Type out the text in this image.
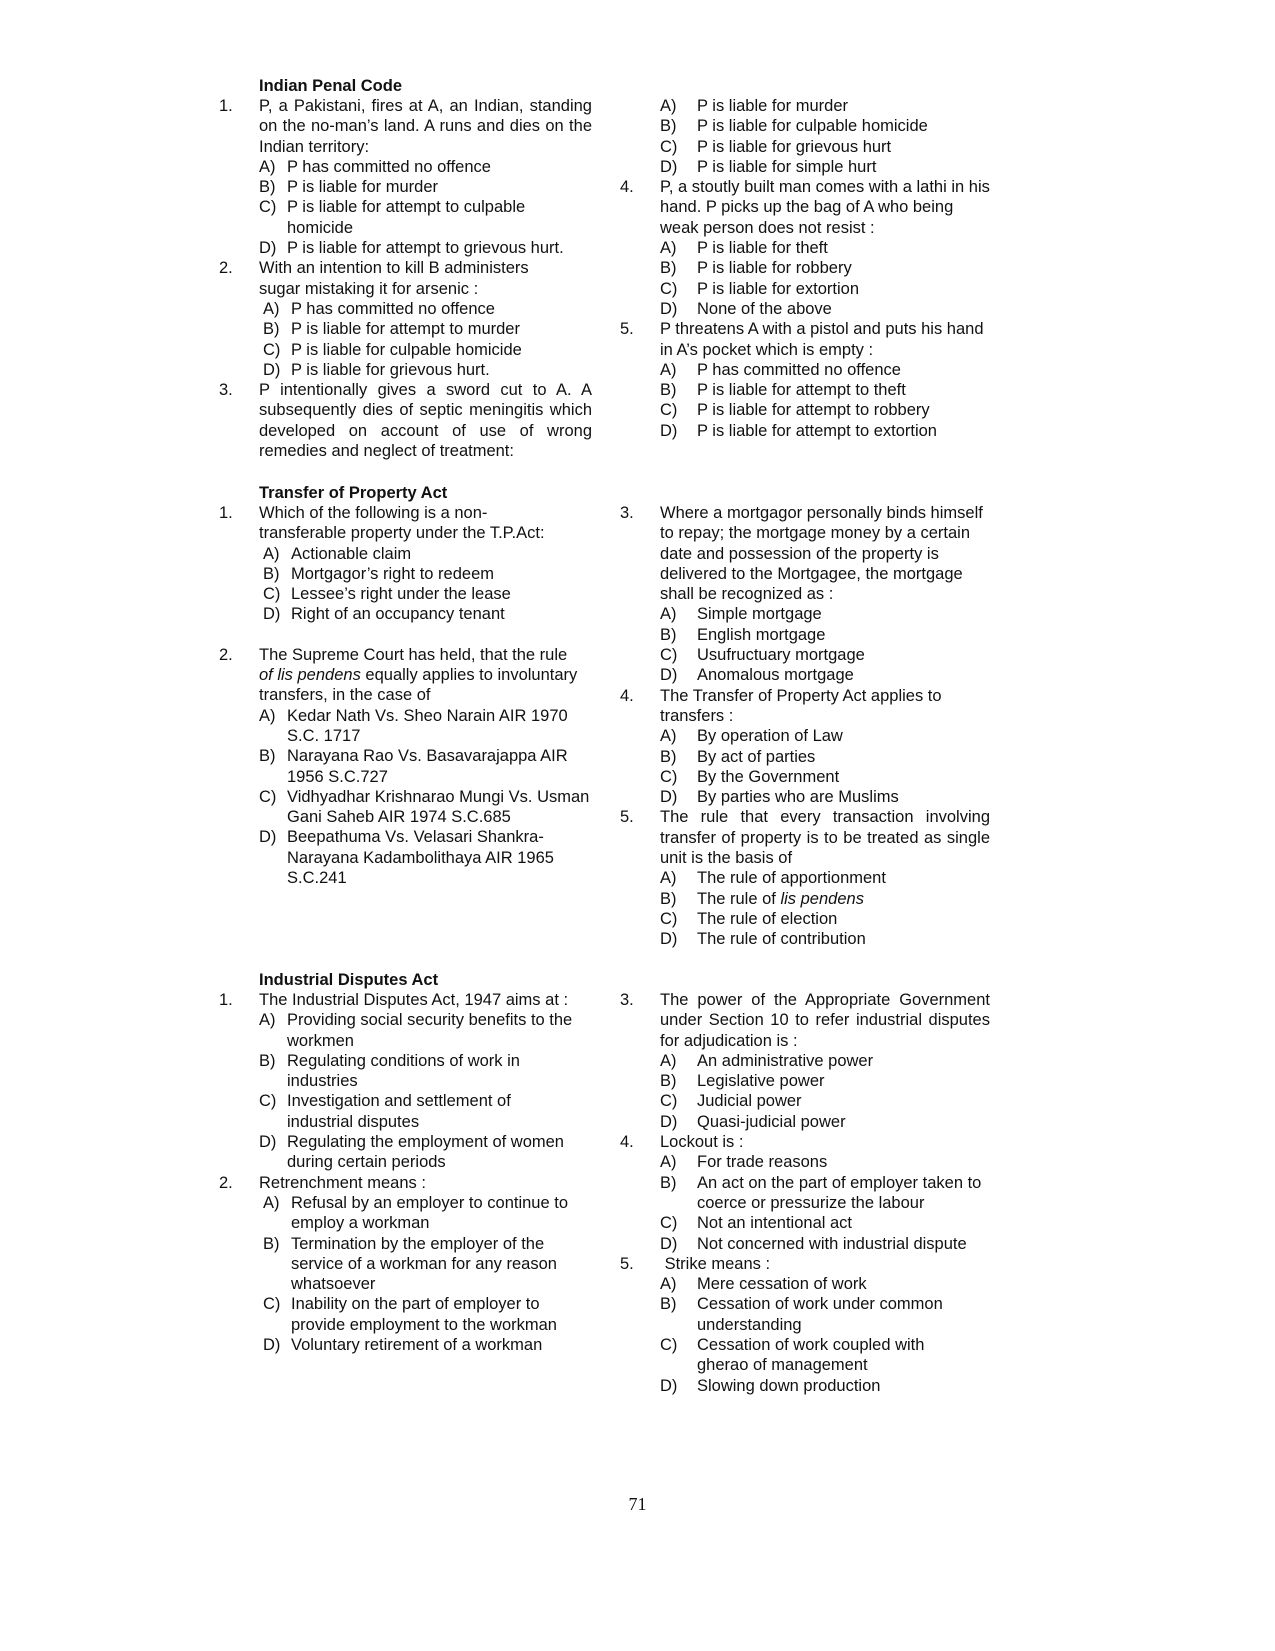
Indian Penal Code
1. P, a Pakistani, fires at A, an Indian, standing on the no-man’s land. A runs and dies on the Indian territory:
A) P has committed no offence
B) P is liable for murder
C) P is liable for attempt to culpable homicide
D) P is liable for attempt to grievous hurt.
2. With an intention to kill B administers sugar mistaking it for arsenic :
A) P has committed no offence
B) P is liable for attempt to murder
C) P is liable for culpable homicide
D) P is liable for grievous hurt.
3. P intentionally gives a sword cut to A. A subsequently dies of septic meningitis which developed on account of use of wrong remedies and neglect of treatment:
A) P is liable for murder
B) P is liable for culpable homicide
C) P is liable for grievous hurt
D) P is liable for simple hurt
4. P, a stoutly built man comes with a lathi in his hand. P picks up the bag of A who being weak person does not resist :
A) P is liable for theft
B) P is liable for robbery
C) P is liable for extortion
D) None of the above
5. P threatens A with a pistol and puts his hand in A’s pocket which is empty :
A) P has committed no offence
B) P is liable for attempt to theft
C) P is liable for attempt to robbery
D) P is liable for attempt to extortion
Transfer of Property Act
1. Which of the following is a non-transferable property under the T.P.Act:
A) Actionable claim
B) Mortgagor’s right to redeem
C) Lessee’s right under the lease
D) Right of an occupancy tenant
2. The Supreme Court has held, that the rule of lis pendens equally applies to involuntary transfers, in the case of
A) Kedar Nath Vs. Sheo Narain AIR 1970 S.C. 1717
B) Narayana Rao Vs. Basavarajappa AIR 1956 S.C.727
C) Vidhyadhar Krishnarao Mungi Vs. Usman Gani Saheb AIR 1974 S.C.685
D) Beepathuma Vs. Velasari Shankra-Narayana Kadambolithaya AIR 1965 S.C.241
3. Where a mortgagor personally binds himself   to repay; the mortgage money by a certain date and possession of the property is delivered to the Mortgagee, the mortgage shall be recognized as :
A) Simple mortgage
B) English mortgage
C) Usufructuary mortgage
D) Anomalous mortgage
4. The Transfer of Property Act applies to transfers :
A) By operation of Law
B) By act of parties
C) By the Government
D) By parties who are Muslims
5. The rule that every transaction involving transfer of property is to be treated as single unit is the basis of
A) The rule of apportionment
B) The rule of lis pendens
C) The rule of election
D) The rule of contribution
Industrial Disputes Act
1. The Industrial Disputes Act, 1947 aims at :
A) Providing social security benefits to the workmen
B) Regulating conditions of work in industries
C) Investigation and settlement of industrial disputes
D) Regulating the employment of women during certain periods
2. Retrenchment means :
A) Refusal by an employer to continue to employ a workman
B) Termination by the employer of the service of a workman for any reason whatsoever
C) Inability on the part of employer to provide employment to the workman
D) Voluntary retirement of a workman
3. The power of the Appropriate Government under Section 10 to refer industrial disputes for adjudication is :
A) An administrative power
B) Legislative power
C) Judicial power
D) Quasi-judicial power
4. Lockout is :
A) For trade reasons
B) An act on the part of employer taken to coerce or pressurize the labour
C) Not an intentional act
D) Not concerned with industrial dispute
5. Strike means :
A) Mere cessation of work
B) Cessation of work under common understanding
C) Cessation of work coupled with gherao of management
D) Slowing down production
71
